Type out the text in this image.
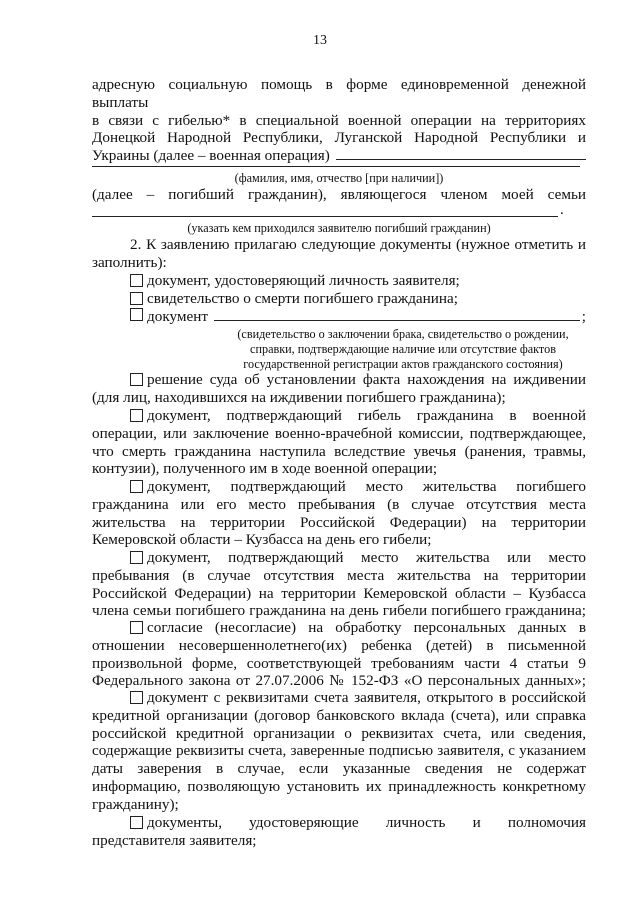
13
адресную социальную помощь в форме единовременной денежной выплаты
в связи с гибелью* в специальной военной операции на территориях
Донецкой Народной Республики, Луганской Народной Республики и
Украины (далее – военная операция)
(фамилия, имя, отчество [при наличии])
(далее – погибший гражданин), являющегося членом моей семьи
.
(указать кем приходился заявителю погибший гражданин)
2. К заявлению прилагаю следующие документы (нужное отметить и
заполнить):
документ, удостоверяющий личность заявителя;
свидетельство о смерти погибшего гражданина;
документ	;
(свидетельство о заключении брака, свидетельство о рождении,
справки, подтверждающие наличие или отсутствие фактов
государственной регистрации актов гражданского состояния)
решение суда об установлении факта нахождения на иждивении
(для лиц, находившихся на иждивении погибшего гражданина);
документ, подтверждающий гибель гражданина в военной
операции, или заключение военно-врачебной комиссии, подтверждающее,
что смерть гражданина наступила вследствие увечья (ранения, травмы,
контузии), полученного им в ходе военной операции;
документ, подтверждающий место жительства погибшего
гражданина или его место пребывания (в случае отсутствия места
жительства на территории Российской Федерации) на территории
Кемеровской области – Кузбасса на день его гибели;
документ, подтверждающий место жительства или место
пребывания (в случае отсутствия места жительства на территории
Российской Федерации) на территории Кемеровской области – Кузбасса
члена семьи погибшего гражданина на день гибели погибшего гражданина;
согласие (несогласие) на обработку персональных данных в
отношении несовершеннолетнего(их) ребенка (детей) в письменной
произвольной форме, соответствующей требованиям части 4 статьи 9
Федерального закона от 27.07.2006 № 152-ФЗ «О персональных данных»;
документ с реквизитами счета заявителя, открытого в российской
кредитной организации (договор банковского вклада (счета), или справка
российской кредитной организации о реквизитах счета, или сведения,
содержащие реквизиты счета, заверенные подписью заявителя, с указанием
даты заверения в случае, если указанные сведения не содержат
информацию, позволяющую установить их принадлежность конкретному
гражданину);
документы, удостоверяющие личность и полномочия
представителя заявителя;
